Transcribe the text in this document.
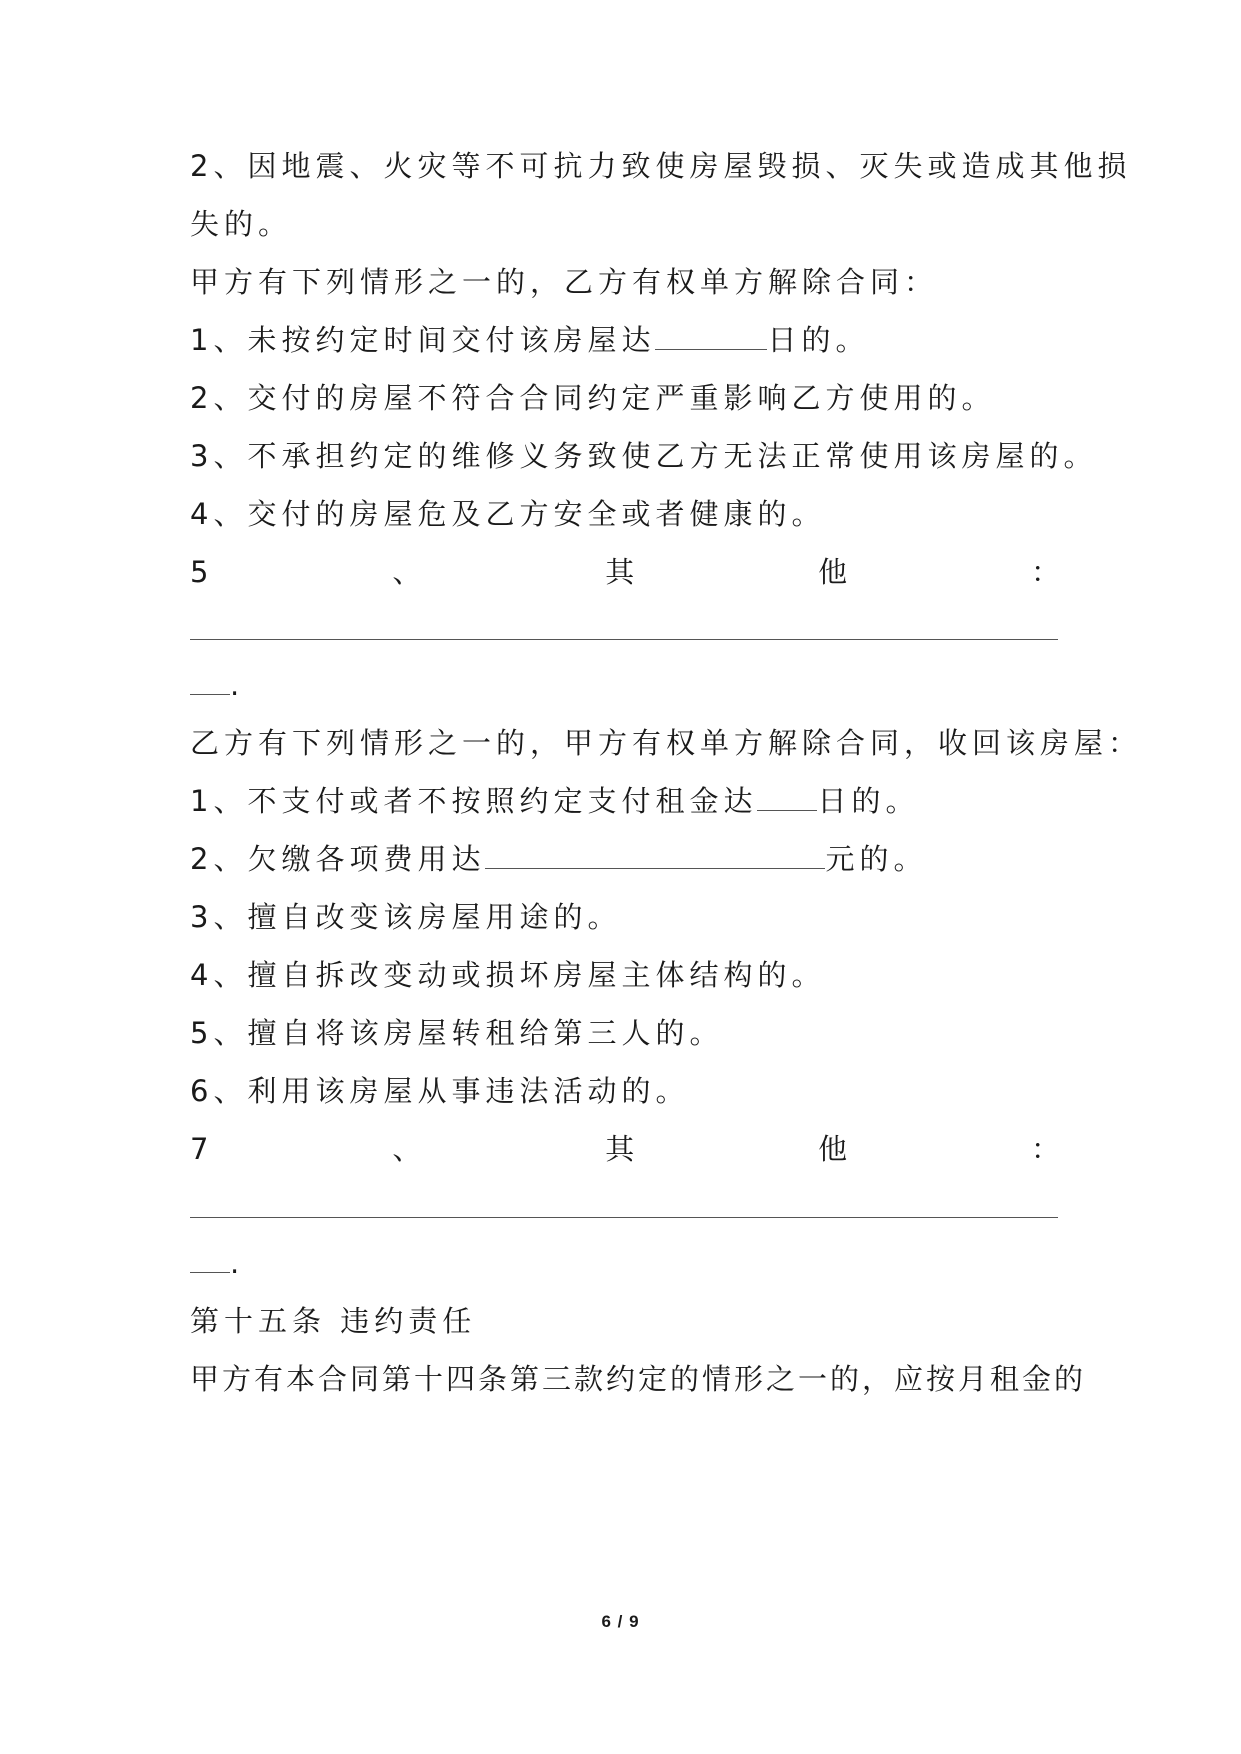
2、因地震、火灾等不可抗力致使房屋毁损、灭失或造成其他损
失的。
甲方有下列情形之一的，乙方有权单方解除合同：
1、未按约定时间交付该房屋达	日的。
2、交付的房屋不符合合同约定严重影响乙方使用的。
3、不承担约定的维修义务致使乙方无法正常使用该房屋的。
4、交付的房屋危及乙方安全或者健康的。
5	、	其	他	：
.
乙方有下列情形之一的，甲方有权单方解除合同，收回该房屋：
1、不支付或者不按照约定支付租金达 日的。
2、欠缴各项费用达	元的。
3、擅自改变该房屋用途的。
4、擅自拆改变动或损坏房屋主体结构的。
5、擅自将该房屋转租给第三人的。
6、利用该房屋从事违法活动的。
7	、	其	他	：
.
第十五条 违约责任
甲方有本合同第十四条第三款约定的情形之一的，应按月租金的
6 / 9
